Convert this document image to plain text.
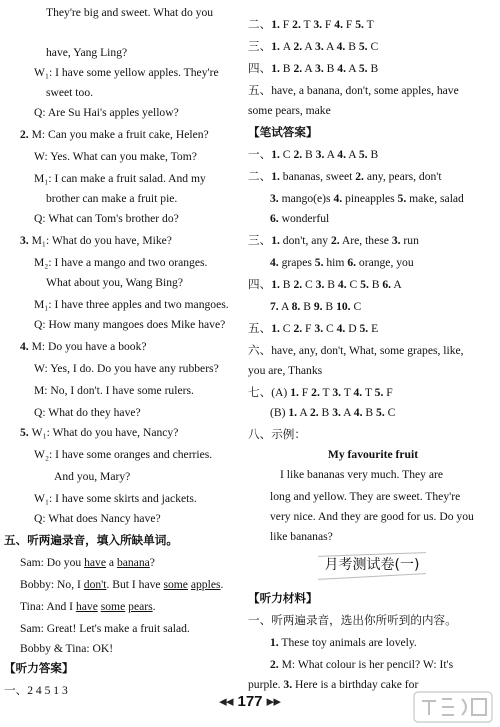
They're big and sweet. What do you
have, Yang Ling?
W₁: I have some yellow apples. They're
sweet too.
Q: Are Su Hai's apples yellow?
2. M: Can you make a fruit cake, Helen?
W: Yes. What can you make, Tom?
M₁: I can make a fruit salad. And my
brother can make a fruit pie.
Q: What can Tom's brother do?
3. M₁: What do you have, Mike?
M₂: I have a mango and two oranges.
What about you, Wang Bing?
M₁: I have three apples and two mangoes.
Q: How many mangoes does Mike have?
4. M: Do you have a book?
W: Yes, I do. Do you have any rubbers?
M: No, I don't. I have some rulers.
Q: What do they have?
5. W₁: What do you have, Nancy?
W₂: I have some oranges and cherries.
And you, Mary?
W₁: I have some skirts and jackets.
Q: What does Nancy have?
二、1. F 2. T 3. F 4. F 5. T
三、1. A 2. A 3. A 4. B 5. C
四、1. B 2. A 3. B 4. A 5. B
五、have, a banana, don't, some apples, have
some pears, make
【笔试答案】
一、1. C 2. B 3. A 4. A 5. B
二、1. bananas, sweet 2. any, pears, don't
3. mango(e)s 4. pineapples 5. make, salad
6. wonderful
三、1. don't, any 2. Are, these 3. run
4. grapes 5. him 6. orange, you
四、1. B 2. C 3. B 4. C 5. B 6. A
7. A 8. B 9. B 10. C
五、1. C 2. F 3. C 4. D 5. E
六、have, any, don't, What, some grapes, like,
you are, Thanks
七、(A) 1. F 2. T 3. T 4. T 5. F
(B) 1. A 2. B 3. A 4. B 5. C
八、示例：
五、听两遍录音，填入所缺单词。
Sam: Do you have a banana?
Bobby: No, I don't. But I have some apples.
Tina: And I have some pears.
Sam: Great! Let's make a fruit salad.
Bobby & Tina: OK!
【听力答案】
一、2 4 5 1 3
My favourite fruit
I like bananas very much. They are
long and yellow. They are sweet. They're
very nice. And they are good for us. Do you
like bananas?
月考测试卷(一)
【听力材料】
一、听两遍录音，选出你所听到的内容。
1. These toy animals are lovely.
2. M: What colour is her pencil? W: It's
purple. 3. Here is a birthday cake for
◀◀ 177 ▶▶
